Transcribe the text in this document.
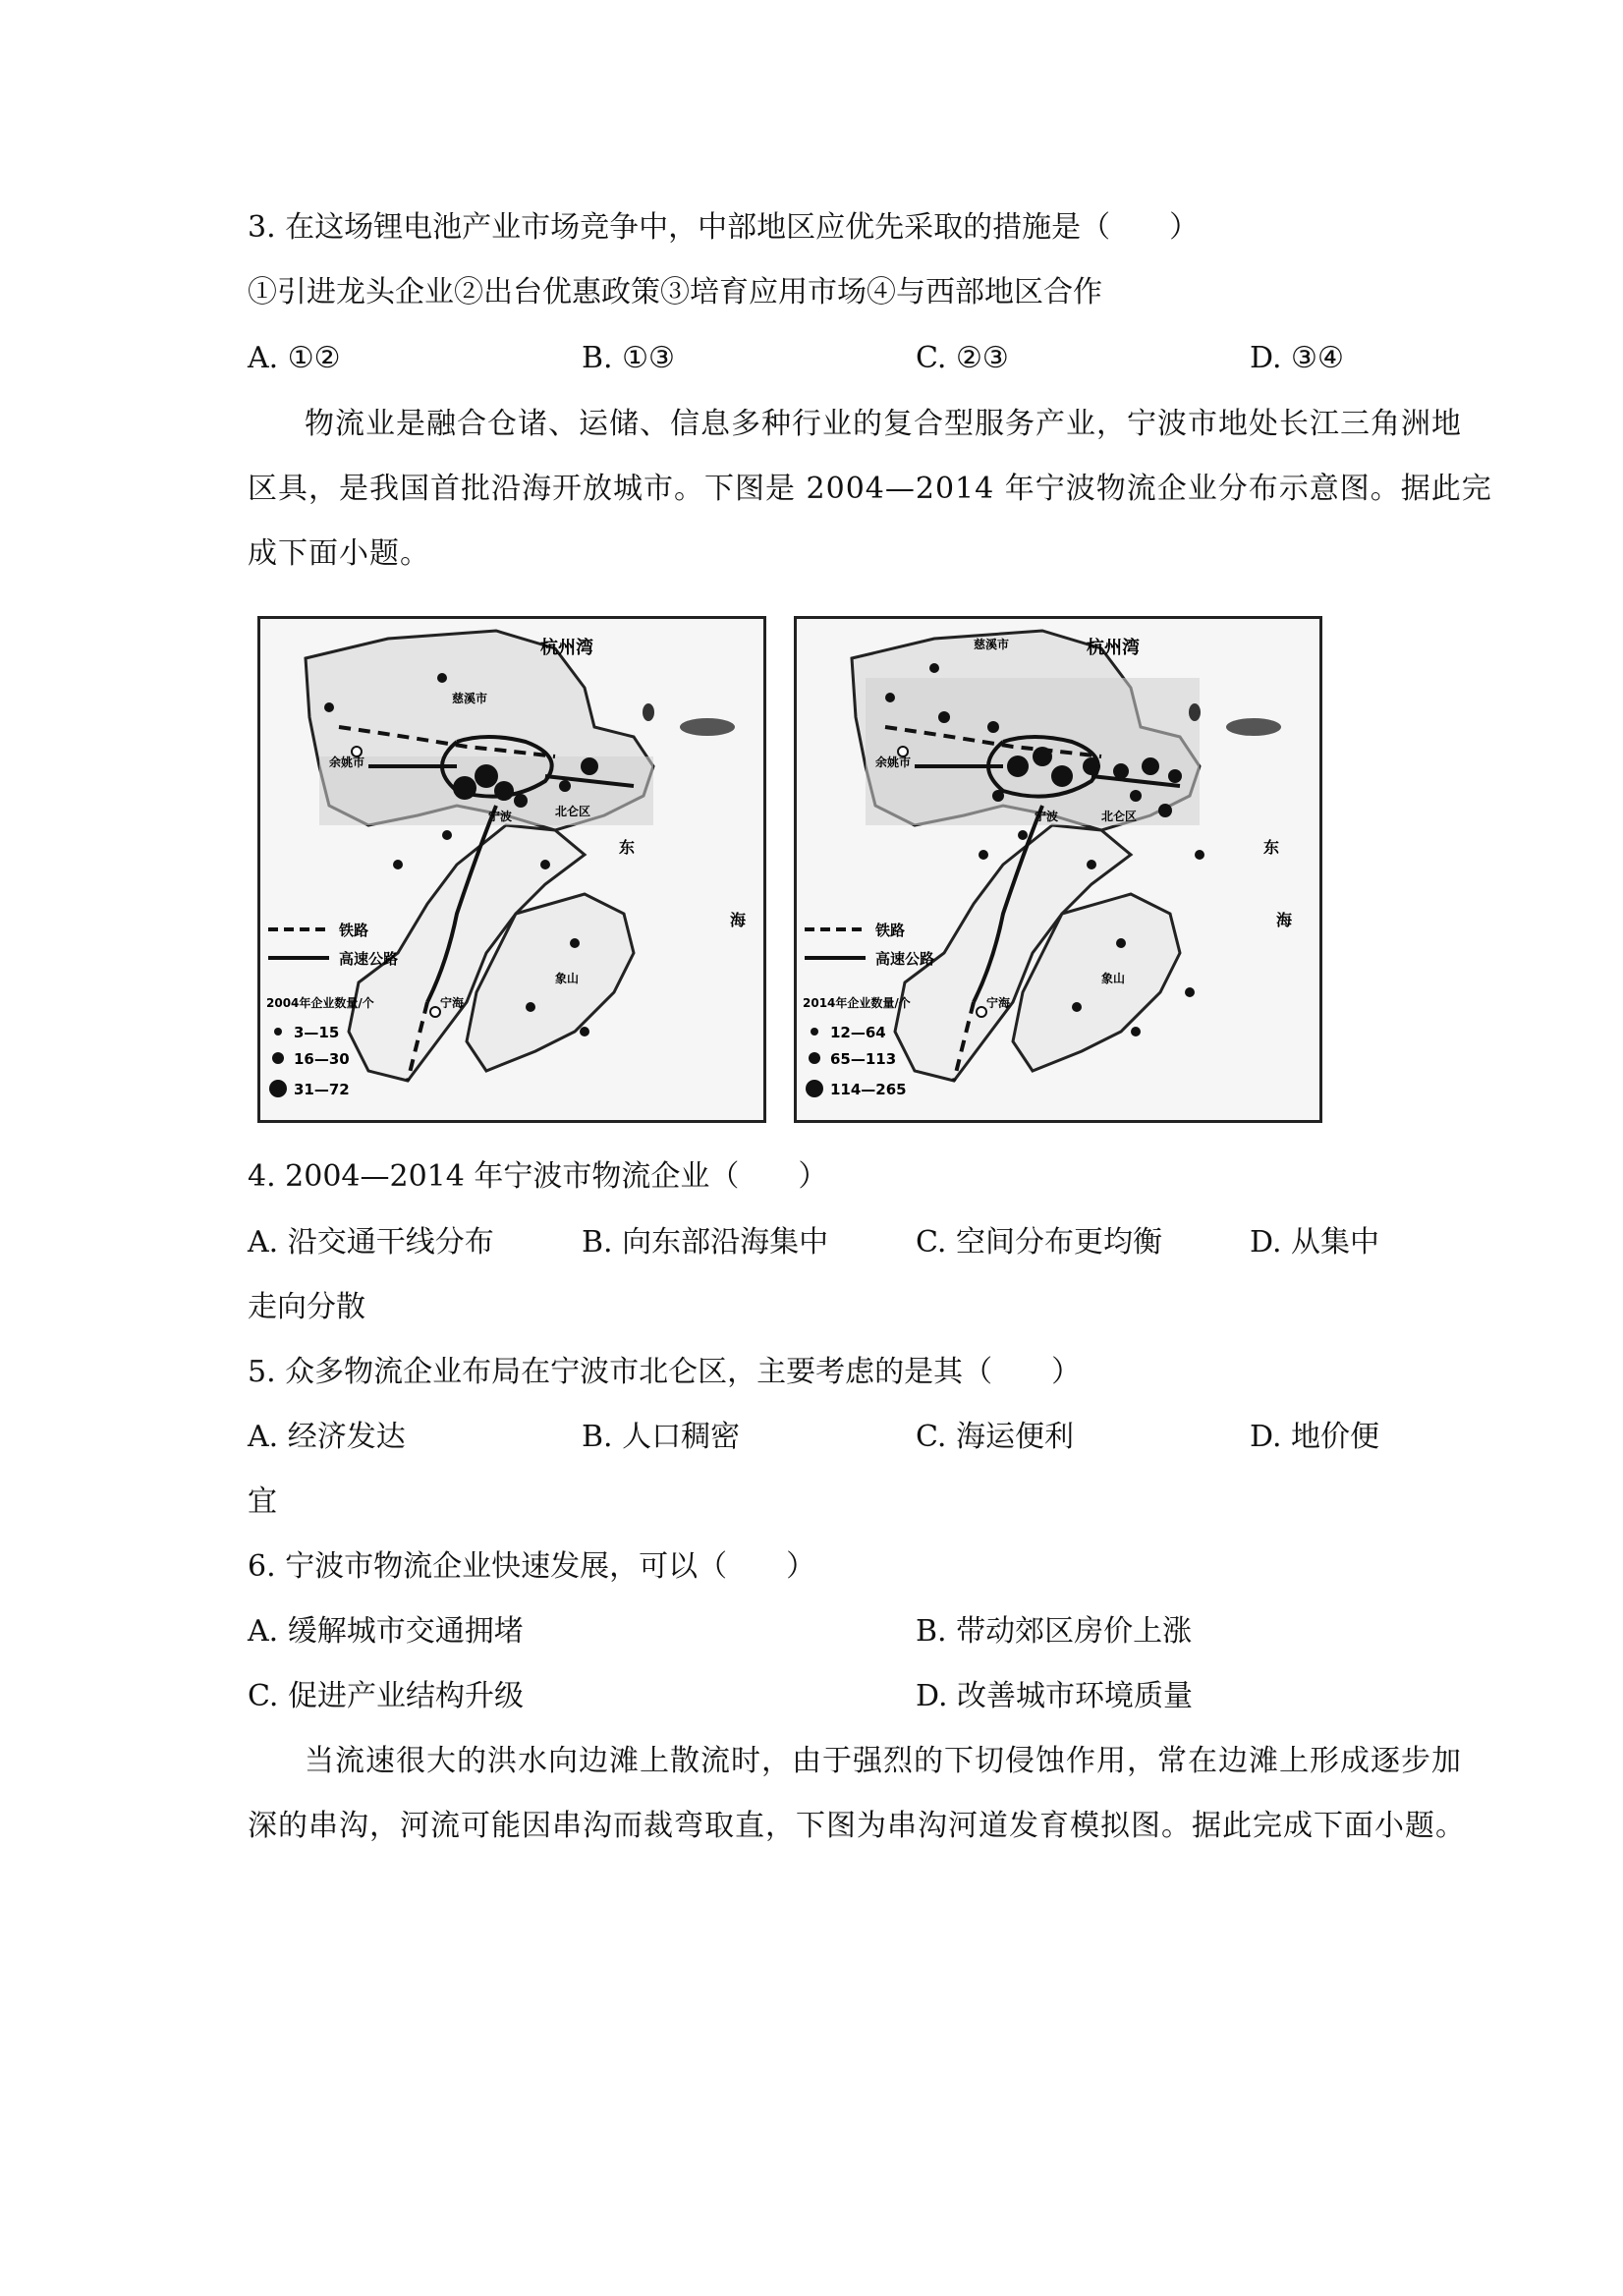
3. 在这场锂电池产业市场竞争中，中部地区应优先采取的措施是（　　）
①引进龙头企业②出台优惠政策③培育应用市场④与西部地区合作
A. ①②	B. ①③	C. ②③	D. ③④
物流业是融合仓诸、运储、信息多种行业的复合型服务产业，宁波市地处长江三角洲地
区具，是我国首批沿海开放城市。下图是 2004—2014 年宁波物流企业分布示意图。据此完
成下面小题。
杭州湾
慈溪市
余姚市
宁波	北仑区
象山
宁海
东
海
铁路
高速公路
2004年企业数量/个
3—15
16—30
31—72
杭州湾
慈溪市
余姚市
宁波	北仑区
象山
宁海
东
海
铁路
高速公路
2014年企业数量/个
12—64
65—113
114—265
4. 2004—2014 年宁波市物流企业（　　）
A. 沿交通干线分布	B. 向东部沿海集中	C. 空间分布更均衡	D. 从集中
走向分散
5. 众多物流企业布局在宁波市北仑区，主要考虑的是其（　　）
A. 经济发达	B. 人口稠密	C. 海运便利	D. 地价便
宜
6. 宁波市物流企业快速发展，可以（　　）
A. 缓解城市交通拥堵	B. 带动郊区房价上涨
C. 促进产业结构升级	D. 改善城市环境质量
当流速很大的洪水向边滩上散流时，由于强烈的下切侵蚀作用，常在边滩上形成逐步加
深的串沟，河流可能因串沟而裁弯取直，下图为串沟河道发育模拟图。据此完成下面小题。
